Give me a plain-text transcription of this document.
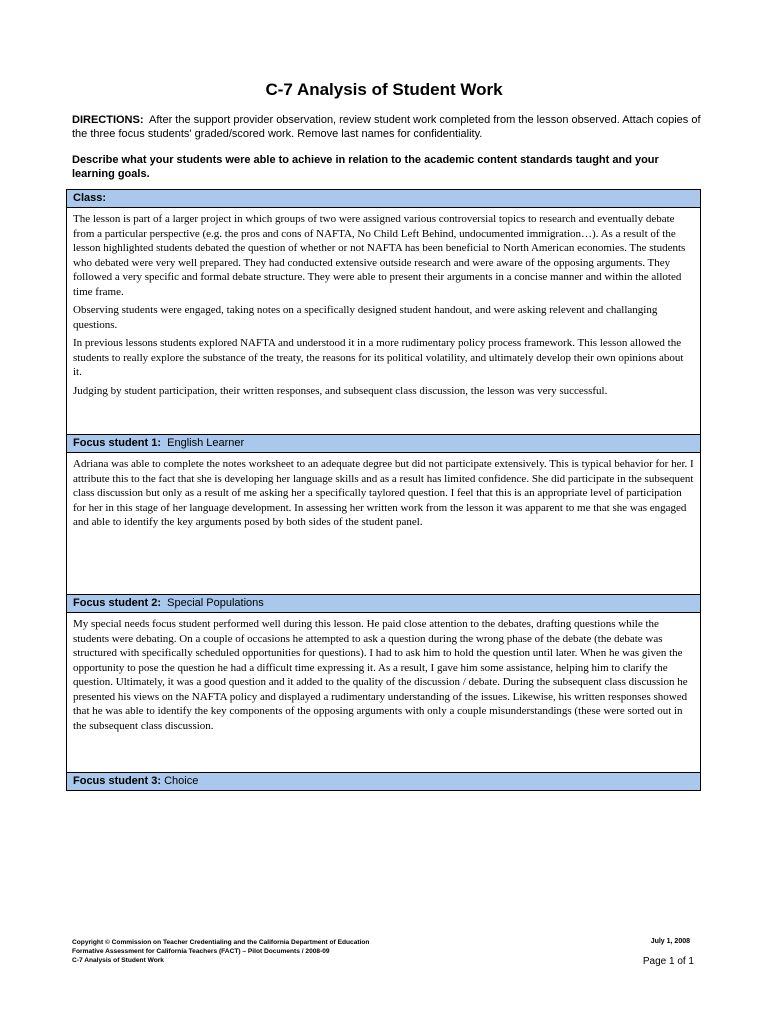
C-7 Analysis of Student Work
DIRECTIONS: After the support provider observation, review student work completed from the lesson observed. Attach copies of the three focus students' graded/scored work. Remove last names for confidentiality.
Describe what your students were able to achieve in relation to the academic content standards taught and your learning goals.
Class:

The lesson is part of a larger project in which groups of two were assigned various controversial topics to research and eventually debate from a particular perspective (e.g. the pros and cons of NAFTA, No Child Left Behind, undocumented immigration…). As a result of the lesson highlighted students debated the question of whether or not NAFTA has been beneficial to North American economies. The students who debated were very well prepared. They had conducted extensive outside research and were aware of the opposing arguments. They followed a very specific and formal debate structure. They were able to present their arguments in a concise manner and within the alloted time frame.

Observing students were engaged, taking notes on a specifically designed student handout, and were asking relevent and challanging questions.

In previous lessons students explored NAFTA and understood it in a more rudimentary policy process framework. This lesson allowed the students to really explore the substance of the treaty, the reasons for its political volatility, and ultimately develop their own opinions about it.

Judging by student participation, their written responses, and subsequent class discussion, the lesson was very successful.

Focus student 1: English Learner

Adriana was able to complete the notes worksheet to an adequate degree but did not participate extensively. This is typical behavior for her. I attribute this to the fact that she is developing her language skills and as a result has limited confidence. She did participate in the subsequent class discussion but only as a result of me asking her a specifically taylored question. I feel that this is an appropriate level of participation for her in this stage of her language development. In assessing her written work from the lesson it was apparent to me that she was engaged and able to identify the key arguments posed by both sides of the student panel.

Focus student 2: Special Populations

My special needs focus student performed well during this lesson. He paid close attention to the debates, drafting questions while the students were debating. On a couple of occasions he attempted to ask a question during the wrong phase of the debate (the debate was structured with specifically scheduled opportunities for questions). I had to ask him to hold the question until later. When he was given the opportunity to pose the question he had a difficult time expressing it. As a result, I gave him some assistance, helping him to clarify the question. Ultimately, it was a good question and it added to the quality of the discussion / debate. During the subsequent class discussion he presented his views on the NAFTA policy and displayed a rudimentary understanding of the issues. Likewise, his written responses showed that he was able to identify the key components of the opposing arguments with only a couple misunderstandings (these were sorted out in the subsequent class discussion.

Focus student 3: Choice
Copyright © Commission on Teacher Credentialing and the California Department of Education
Formative Assessment for California Teachers (FACT) – Pilot Documents / 2008-09
C-7 Analysis of Student Work
July 1, 2008
Page 1 of 1
